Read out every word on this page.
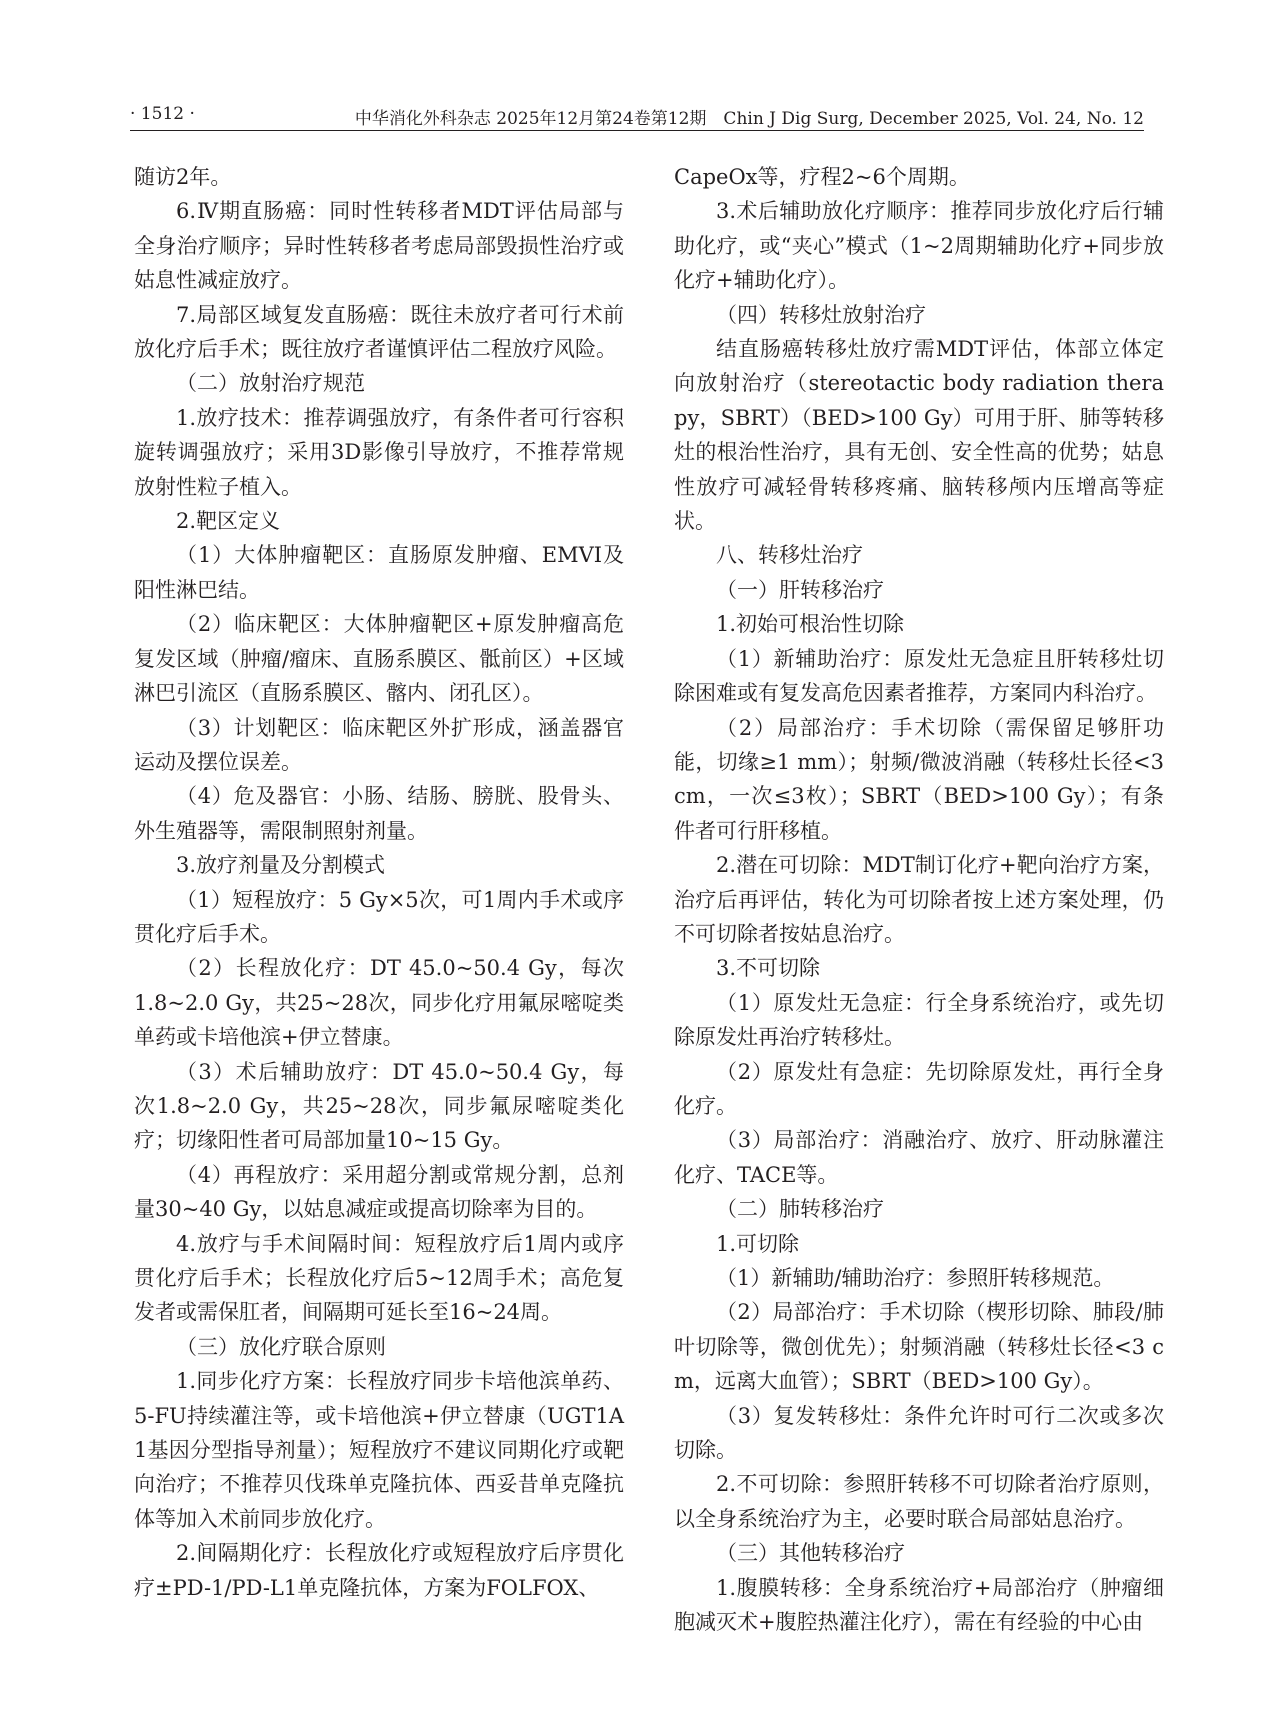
· 1512 ·	中华消化外科杂志 2025年12月第24卷第12期　Chin J Dig Surg, December 2025, Vol. 24, No. 12

随访2年。

6.Ⅳ期直肠癌：同时性转移者MDT评估局部与全身治疗顺序；异时性转移者考虑局部毁损性治疗或姑息性减症放疗。

7.局部区域复发直肠癌：既往未放疗者可行术前放化疗后手术；既往放疗者谨慎评估二程放疗风险。

（二）放射治疗规范

1.放疗技术：推荐调强放疗，有条件者可行容积旋转调强放疗；采用3D影像引导放疗，不推荐常规放射性粒子植入。

2.靶区定义

（1）大体肿瘤靶区：直肠原发肿瘤、EMVI及阳性淋巴结。

（2）临床靶区：大体肿瘤靶区+原发肿瘤高危复发区域（肿瘤/瘤床、直肠系膜区、骶前区）+区域淋巴引流区（直肠系膜区、髂内、闭孔区）。

（3）计划靶区：临床靶区外扩形成，涵盖器官运动及摆位误差。

（4）危及器官：小肠、结肠、膀胱、股骨头、外生殖器等，需限制照射剂量。

3.放疗剂量及分割模式

（1）短程放疗：5 Gy×5次，可1周内手术或序贯化疗后手术。

（2）长程放化疗：DT 45.0~50.4 Gy，每次1.8~2.0 Gy，共25~28次，同步化疗用氟尿嘧啶类单药或卡培他滨+伊立替康。

（3）术后辅助放疗：DT 45.0~50.4 Gy，每次1.8~2.0 Gy，共25~28次，同步氟尿嘧啶类化疗；切缘阳性者可局部加量10~15 Gy。

（4）再程放疗：采用超分割或常规分割，总剂量30~40 Gy，以姑息减症或提高切除率为目的。

4.放疗与手术间隔时间：短程放疗后1周内或序贯化疗后手术；长程放化疗后5~12周手术；高危复发者或需保肛者，间隔期可延长至16~24周。

（三）放化疗联合原则

1.同步化疗方案：长程放疗同步卡培他滨单药、5-FU持续灌注等，或卡培他滨+伊立替康（UGT1A1基因分型指导剂量）；短程放疗不建议同期化疗或靶向治疗；不推荐贝伐珠单克隆抗体、西妥昔单克隆抗体等加入术前同步放化疗。

2.间隔期化疗：长程放化疗或短程放疗后序贯化疗±PD-1/PD-L1单克隆抗体，方案为FOLFOX、

CapeOx等，疗程2~6个周期。

3.术后辅助放化疗顺序：推荐同步放化疗后行辅助化疗，或“夹心”模式（1~2周期辅助化疗+同步放化疗+辅助化疗）。

（四）转移灶放射治疗

结直肠癌转移灶放疗需MDT评估，体部立体定向放射治疗（stereotactic body radiation therapy，SBRT）（BED>100 Gy）可用于肝、肺等转移灶的根治性治疗，具有无创、安全性高的优势；姑息性放疗可减轻骨转移疼痛、脑转移颅内压增高等症状。

八、转移灶治疗

（一）肝转移治疗

1.初始可根治性切除

（1）新辅助治疗：原发灶无急症且肝转移灶切除困难或有复发高危因素者推荐，方案同内科治疗。

（2）局部治疗：手术切除（需保留足够肝功能，切缘≥1 mm）；射频/微波消融（转移灶长径<3 cm，一次≤3枚）；SBRT（BED>100 Gy）；有条件者可行肝移植。

2.潜在可切除：MDT制订化疗+靶向治疗方案，治疗后再评估，转化为可切除者按上述方案处理，仍不可切除者按姑息治疗。

3.不可切除

（1）原发灶无急症：行全身系统治疗，或先切除原发灶再治疗转移灶。

（2）原发灶有急症：先切除原发灶，再行全身化疗。

（3）局部治疗：消融治疗、放疗、肝动脉灌注化疗、TACE等。

（二）肺转移治疗

1.可切除

（1）新辅助/辅助治疗：参照肝转移规范。

（2）局部治疗：手术切除（楔形切除、肺段/肺叶切除等，微创优先）；射频消融（转移灶长径<3 cm，远离大血管）；SBRT（BED>100 Gy）。

（3）复发转移灶：条件允许时可行二次或多次切除。

2.不可切除：参照肝转移不可切除者治疗原则，以全身系统治疗为主，必要时联合局部姑息治疗。

（三）其他转移治疗

1.腹膜转移：全身系统治疗+局部治疗（肿瘤细胞减灭术+腹腔热灌注化疗），需在有经验的中心由
